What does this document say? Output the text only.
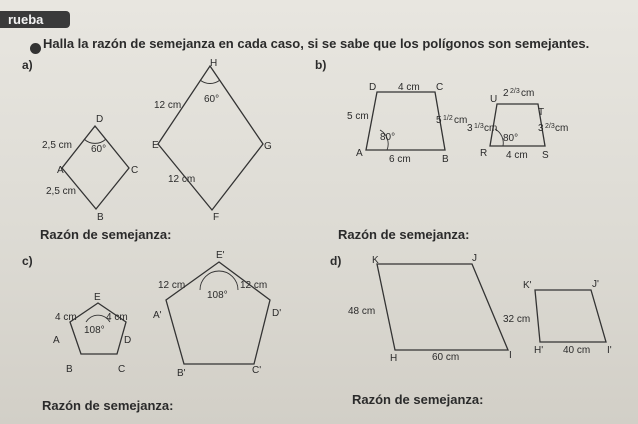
rueba
Halla la razón de semejanza en cada caso, si se sabe que los polígonos son semejantes.
a)	b)
c)	d)
Razón de semejanza:	Razón de semejanza:
Razón de semejanza:	Razón de semejanza:
D
A	C
B
2,5 cm
2,5 cm
60°
H
E	G
F
12 cm
12 cm
60°
D	C
A
B
4 cm
5 cm	5 1/2 cm
6 cm
80°
U
T
R	S
2 2/3 cm
3 1/3 cm	3 2/3 cm
4 cm
80°
E
A	D
B	C
4 cm	4 cm
108°
E'
A'	D'
B'	C'
12 cm	12 cm
108°
K	J
H	I
48 cm
60 cm
K'	J'
H'	I'
32 cm
40 cm
